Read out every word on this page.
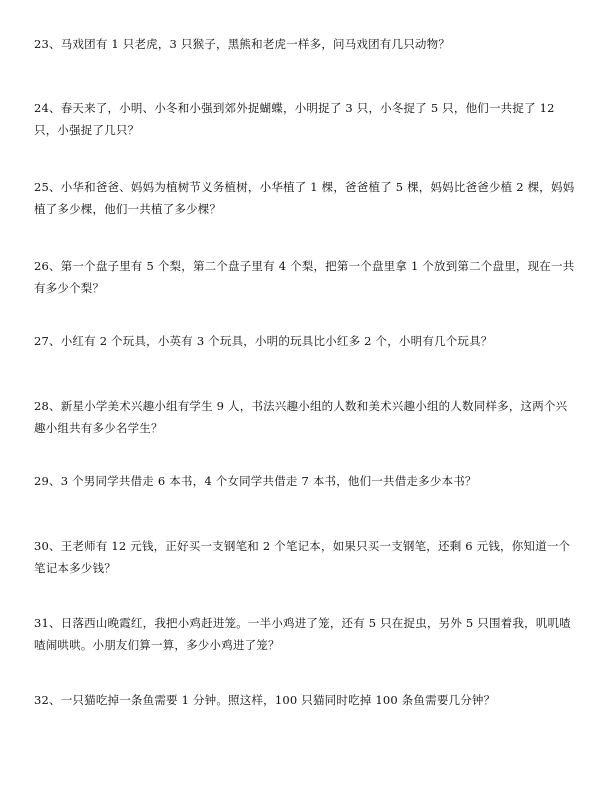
23、马戏团有 1 只老虎，3 只猴子，黑熊和老虎一样多，问马戏团有几只动物？
24、春天来了，小明、小冬和小强到郊外捉蝴蝶，小明捉了 3 只，小冬捉了 5 只，他们一共捉了 12 只，小强捉了几只？
25、小华和爸爸、妈妈为植树节义务植树，小华植了 1 棵，爸爸植了 5 棵，妈妈比爸爸少植 2 棵，妈妈植了多少棵，他们一共植了多少棵？
26、第一个盘子里有 5 个梨，第二个盘子里有 4 个梨，把第一个盘里拿 1 个放到第二个盘里，现在一共有多少个梨？
27、小红有 2 个玩具，小英有 3 个玩具，小明的玩具比小红多 2 个，小明有几个玩具？
28、新星小学美术兴趣小组有学生 9 人，书法兴趣小组的人数和美术兴趣小组的人数同样多，这两个兴趣小组共有多少名学生？
29、3 个男同学共借走 6 本书，4 个女同学共借走 7 本书，他们一共借走多少本书？
30、王老师有 12 元钱，正好买一支钢笔和 2 个笔记本，如果只买一支钢笔，还剩 6 元钱，你知道一个笔记本多少钱？
31、日落西山晚霞红，我把小鸡赶进笼。一半小鸡进了笼，还有 5 只在捉虫，另外 5 只围着我，叽叽喳喳闹哄哄。小朋友们算一算，多少小鸡进了笼？
32、一只猫吃掉一条鱼需要 1 分钟。照这样，100 只猫同时吃掉 100 条鱼需要几分钟？
